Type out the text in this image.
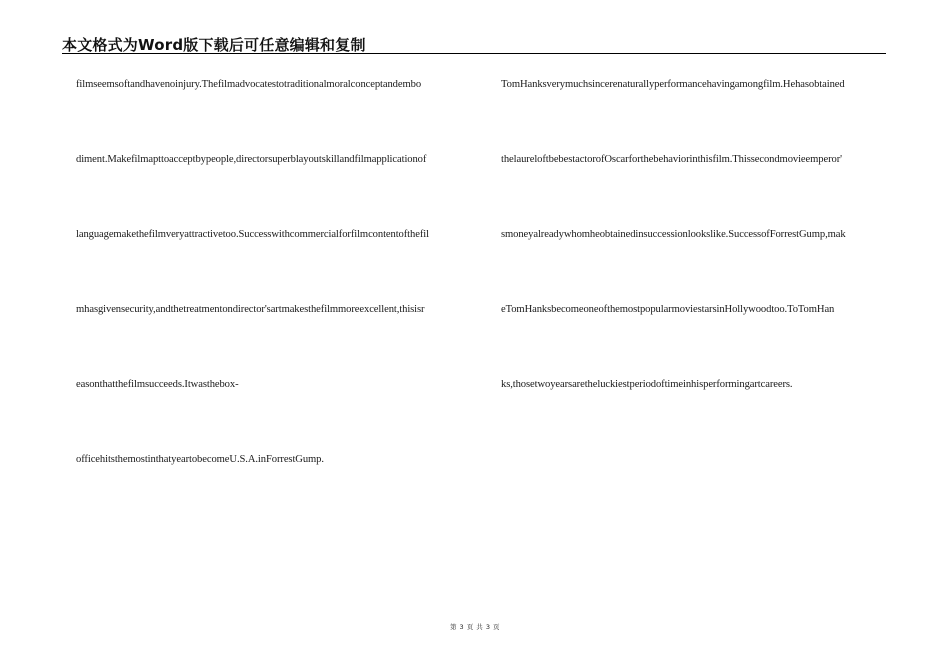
本文格式为Word版下载后可任意编辑和复制
filmseemsoftandhavenoinjury.Thefilmadvocatestotraditionalmoralconceptandembo
diment.Makefilmapttoacceptbypeople,directorsuperblayoutskillandfilmapplicationof
languagemakethefilmveryattractivetoo.Successwithcommercialforfilmcontentofthefil
mhasgivensecurity,andthetreatmentondirector'sartmakesthefilmmoreexcellent,thisisr
easonthatthefilmsucceeds.Itwasthebox-
officehitsthemostinthatyeartobecomeU.S.A.inForrestGump.
TomHanksverymuchsincerenaturallyperformancehavingamongfilm.Hehasobtained
thelaureloftbebestactorofOscarforthebehaviorinthisfilm.Thissecondmovieemperor'
smoneyalreadywhomheobtainedinsuccessionlookslike.SuccessofForrestGump,mak
eTomHanksbecomeoneofthemostpopularmoviestarsinHollywoodtoo.ToTomHan
ks,thosetwoyearsaretheluckiestperiodoftimeinhisperformingartcareers.
第 3 页 共 3 页
